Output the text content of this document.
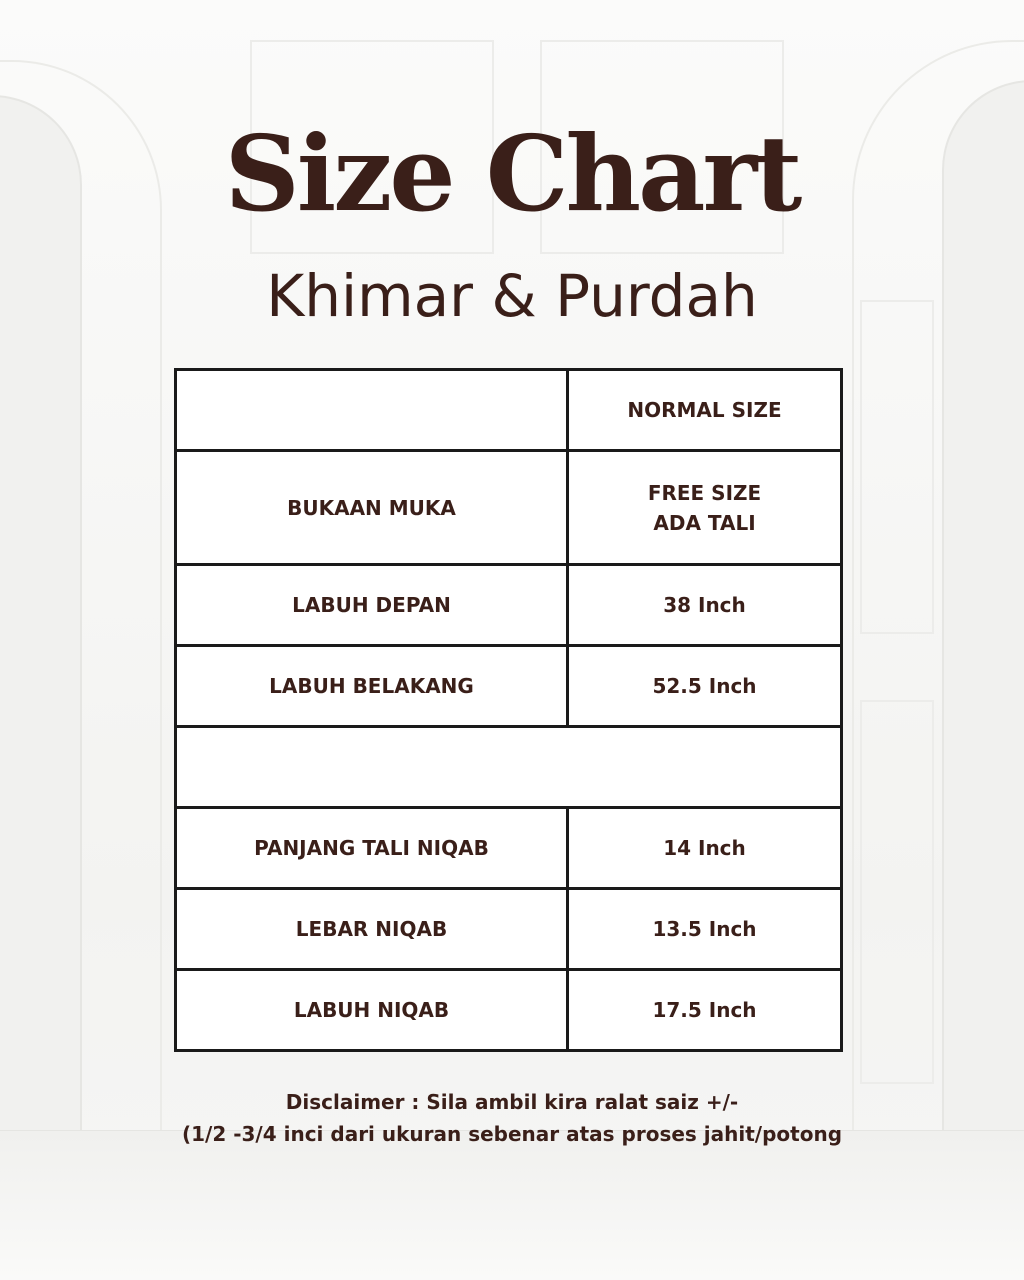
Size Chart
Khimar & Purdah
	NORMAL SIZE
BUKAAN MUKA	FREE SIZE
ADA TALI

LABUH DEPAN	38 Inch
LABUH BELAKANG	52.5 Inch

PANJANG TALI NIQAB	14 Inch
LEBAR NIQAB	13.5 Inch
LABUH NIQAB	17.5 Inch
Disclaimer : Sila ambil kira ralat saiz +/-
(1/2 -3/4 inci dari ukuran sebenar atas proses jahit/potong
